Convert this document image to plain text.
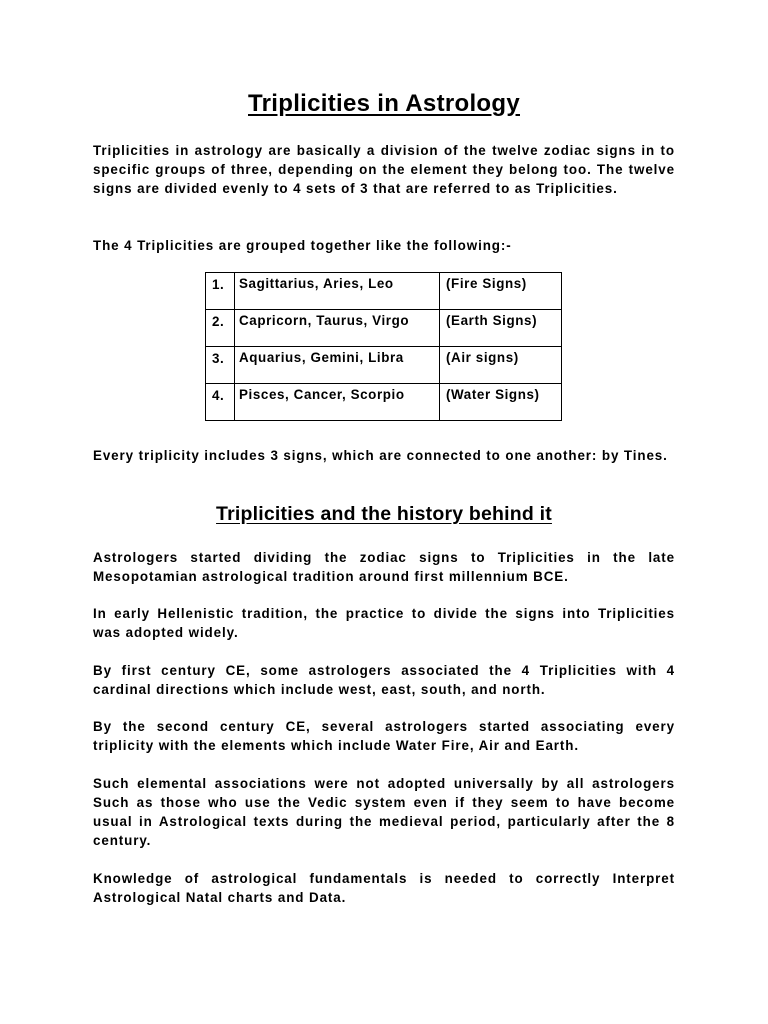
Triplicities in Astrology

Triplicities in astrology are basically a division of the twelve zodiac signs in to specific groups of three, depending on the element they belong too. The twelve signs are divided evenly to 4 sets of 3 that are referred to as Triplicities.

The 4 Triplicities are grouped together like the following:-

1.	Sagittarius, Aries, Leo	(Fire Signs)

2.	Capricorn, Taurus, Virgo	(Earth Signs)

3.	Aquarius, Gemini, Libra	(Air signs)

4.	Pisces, Cancer, Scorpio	(Water Signs)

Every triplicity includes 3 signs, which are connected to one another: by Tines.

Triplicities and the history behind it

Astrologers started dividing the zodiac signs to Triplicities in the late Mesopotamian astrological tradition around first millennium BCE.

In early Hellenistic tradition, the practice to divide the signs into Triplicities was adopted widely.

By first century CE, some astrologers associated the 4 Triplicities with 4 cardinal directions which include west, east, south, and north.

By the second century CE, several astrologers started associating every triplicity with the elements which include Water Fire, Air and Earth.

Such elemental associations were not adopted universally by all astrologers Such as those who use the Vedic system even if they seem to have become usual in Astrological texts during the medieval period, particularly after the 8 century.

Knowledge of astrological fundamentals is needed to correctly Interpret Astrological Natal charts and Data.
